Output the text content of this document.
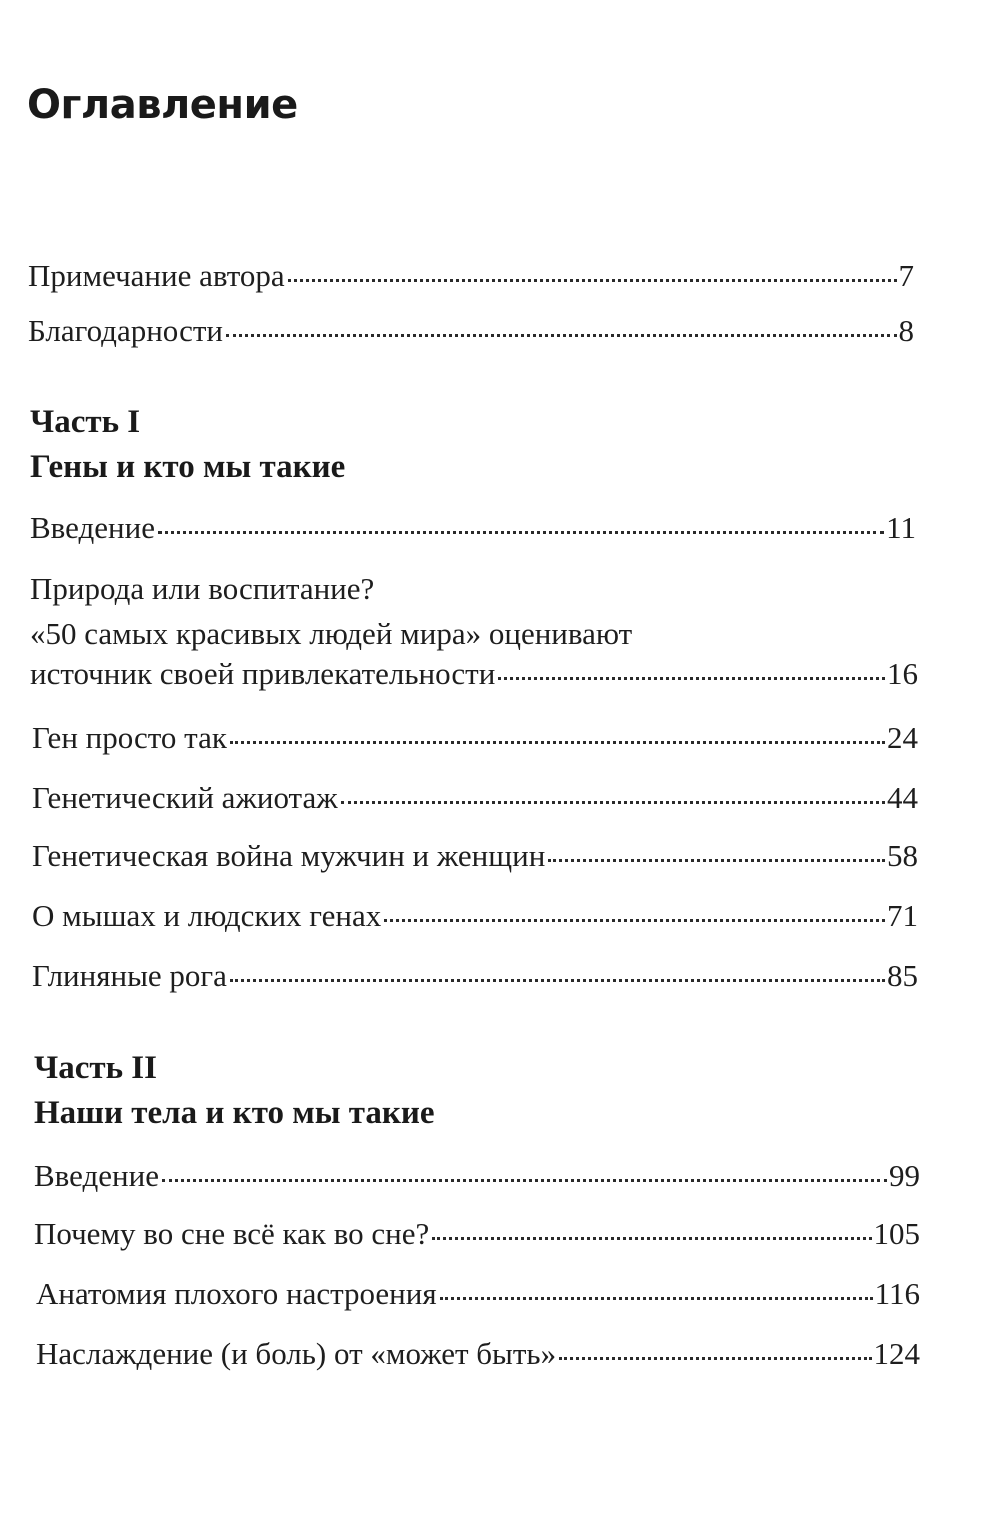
Оглавление
Примечание автора	7
Благодарности	8
Часть I
Гены и кто мы такие
Введение	11
Природа или воспитание?
«50 самых красивых людей мира» оценивают
источник своей привлекательности	16
Ген просто так	24
Генетический ажиотаж	44
Генетическая война мужчин и женщин	58
О мышах и людских генах	71
Глиняные рога	85
Часть II
Наши тела и кто мы такие
Введение	99
Почему во сне всё как во сне?	105
Анатомия плохого настроения	116
Наслаждение (и боль) от «может быть»	124
